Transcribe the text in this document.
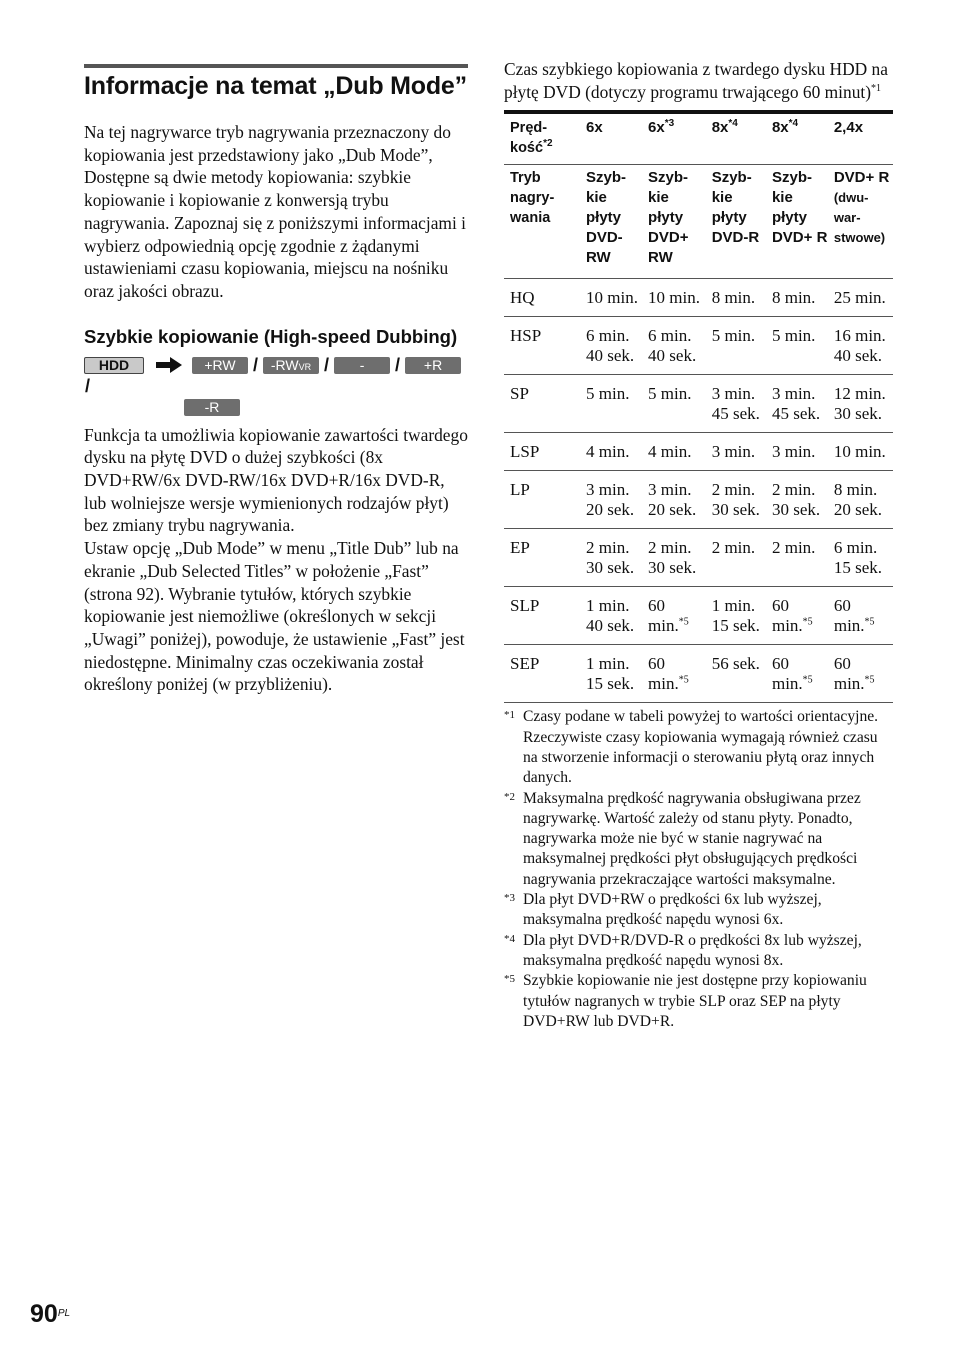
Informacje na temat „Dub Mode”

Na tej nagrywarce tryb nagrywania przeznaczony do kopiowania jest przedstawiony jako „Dub Mode”, Dostępne są dwie metody kopiowania: szybkie kopiowanie i kopiowanie z konwersją trybu nagrywania. Zapoznaj się z poniższymi informacjami i wybierz odpowiednią opcję zgodnie z żądanymi ustawieniami czasu kopiowania, miejscu na nośniku oraz jakości obrazu.

Szybkie kopiowanie (High-speed Dubbing)
HDD	+RW / -RWVR /	-RWVideo
/	+R
/
-R

Funkcja ta umożliwia kopiowanie zawartości twardego dysku na płytę DVD o dużej szybkości (8x DVD+RW/6x DVD-RW/16x DVD+R/16x DVD-R, lub wolniejsze wersje wymienionych rodzajów płyt) bez zmiany trybu nagrywania.

Ustaw opcję „Dub Mode” w menu „Title Dub” lub na ekranie „Dub Selected Titles” w położenie „Fast” (strona 92). Wybranie tytułów, których szybkie kopiowanie jest niemożliwe (określonych w sekcji „Uwagi” poniżej), powoduje, że ustawienie „Fast” jest niedostępne. Minimalny czas oczekiwania został określony poniżej (w przybliżeniu).

Czas szybkiego kopiowania z twardego dysku HDD na płytę DVD (dotyczy programu trwającego 60 minut)$^{*1}$

Pręd-kość$^{*2}$	6x	$6x^{*3}$	$8x^{*4}$	$8x^{*4}$	2,4x
Tryb nagry-wania	Szyb-kie płyty DVD-RW	Szyb-kie płyty DVD+ RW	Szyb-kie płyty DVD-R	Szyb-kie płyty DVD+ R	DVD+ R
(dwu-war-stwowe)
HQ	10 min.	10 min.	8 min.	8 min.	25 min.
HSP	6 min. 40 sek.	6 min. 40 sek.	5 min.	5 min.	16 min. 40 sek.
SP	5 min.	5 min.	3 min. 45 sek.	3 min. 45 sek.	12 min. 30 sek.
LSP	4 min.	4 min.	3 min.	3 min.	10 min.
LP	3 min. 20 sek.	3 min. 20 sek.	2 min. 30 sek.	2 min. 30 sek.	8 min. 20 sek.
EP	2 min. 30 sek.	2 min. 30 sek.	2 min.	2 min.	6 min. 15 sek.
SLP	1 min. 40 sek.	60 min.$^{*5}$	1 min. 15 sek.	60 min.$^{*5}$	60 min.$^{*5}$
SEP	1 min. 15 sek.	60 min.$^{*5}$	56 sek.	60 min.$^{*5}$	60 min.$^{*5}$
*1 Czasy podane w tabeli powyżej to wartości orientacyjne. Rzeczywiste czasy kopiowania wymagają również czasu na stworzenie informacji o sterowaniu płytą oraz innych danych.
*2 Maksymalna prędkość nagrywania obsługiwana przez nagrywarkę. Wartość zależy od stanu płyty. Ponadto, nagrywarka może nie być w stanie nagrywać na maksymalnej prędkości płyt obsługujących prędkości nagrywania przekraczające wartości maksymalne.
*3 Dla płyt DVD+RW o prędkości 6x lub wyższej, maksymalna prędkość napędu wynosi 6x.
*4 Dla płyt DVD+R/DVD-R o prędkości 8x lub wyższej, maksymalna prędkość napędu wynosi 8x.
*5 Szybkie kopiowanie nie jest dostępne przy kopiowaniu tytułów nagranych w trybie SLP oraz SEP na płyty DVD+RW lub DVD+R.
$90^{PL}$
